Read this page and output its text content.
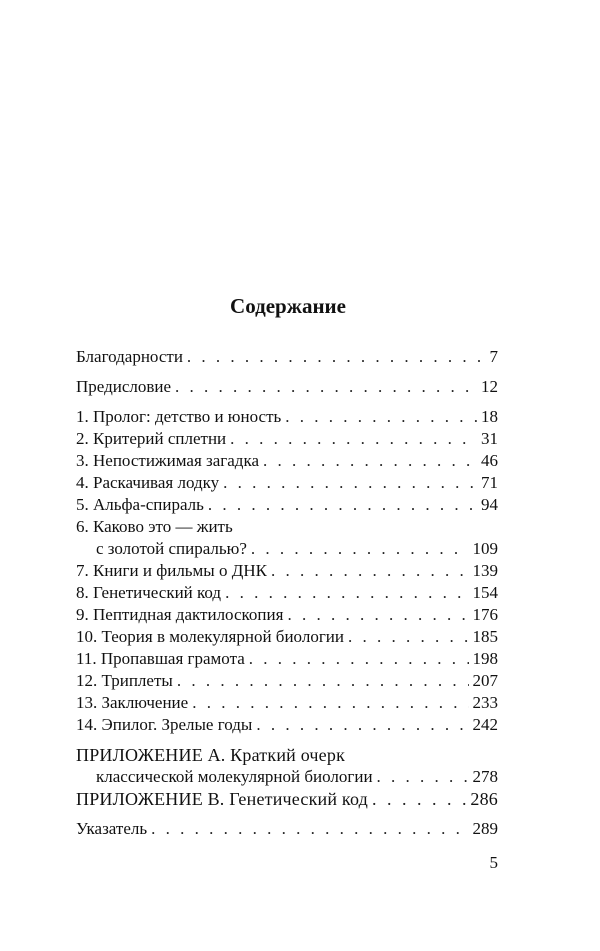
Содержание
Благодарности . . .	7
Предисловие . . .	12
1. Пролог: детство и юность . . .	18
2. Критерий сплетни . . .	31
3. Непостижимая загадка . . .	46
4. Раскачивая лодку . . .	71
5. Альфа-спираль . . .	94
6. Каково это — жить
с золотой спиралью? . . .	109
7. Книги и фильмы о ДНК . . .	139
8. Генетический код . . .	154
9. Пептидная дактилоскопия . . .	176
10. Теория в молекулярной биологии . . .	185
11. Пропавшая грамота . . .	198
12. Триплеты . . .	207
13. Заключение . . .	233
14. Эпилог. Зрелые годы . . .	242
ПРИЛОЖЕНИЕ А. Краткий очерк
классической молекулярной биологии . . .	278
ПРИЛОЖЕНИЕ В. Генетический код . . .	286
Указатель . . .	289
5
